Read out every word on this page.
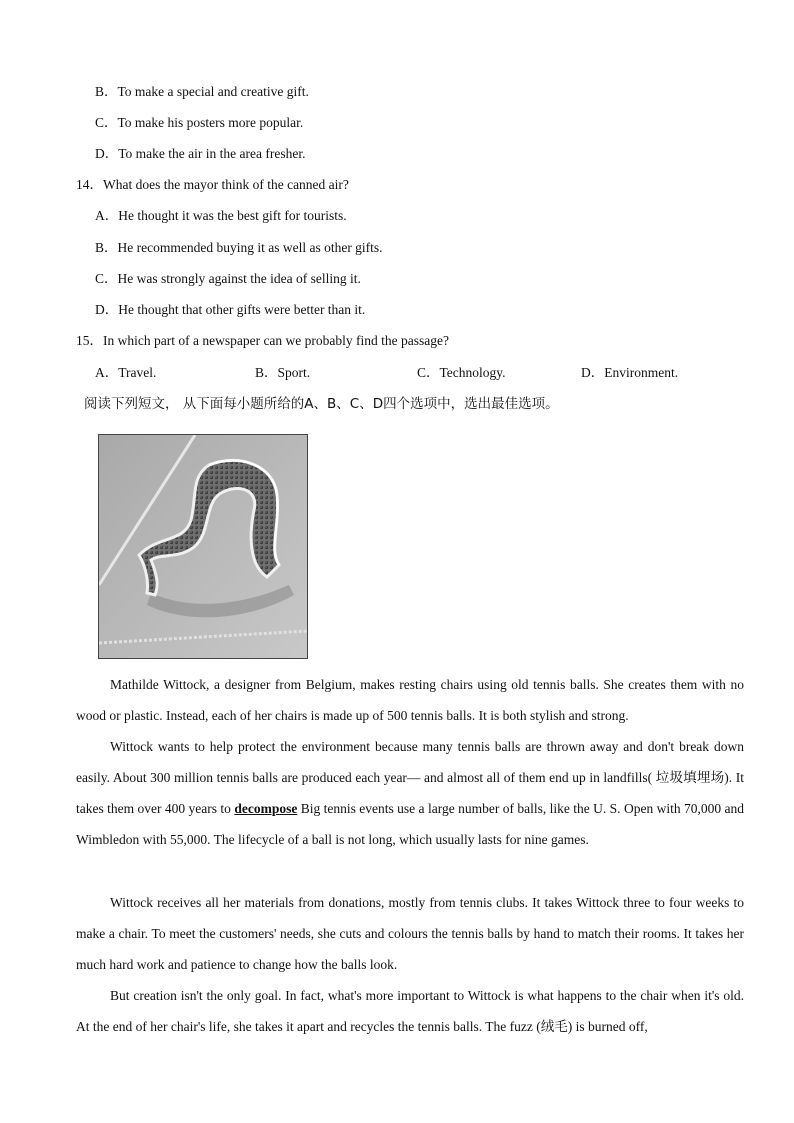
B．To make a special and creative gift.
C．To make his posters more popular.
D．To make the air in the area fresher.
14．What does the mayor think of the canned air?
A．He thought it was the best gift for tourists.
B．He recommended buying it as well as other gifts.
C．He was strongly against the idea of selling it.
D．He thought that other gifts were better than it.
15．In which part of a newspaper can we probably find the passage?
A．Travel.	B．Sport.	C．Technology.	D．Environment.
阅读下列短文， 从下面每小题所给的A、B、C、D四个选项中，选出最佳选项。
Mathilde Wittock, a designer from Belgium, makes resting chairs using old tennis balls. She creates them with no wood or plastic. Instead, each of her chairs is made up of 500 tennis balls. It is both stylish and strong.
Wittock wants to help protect the environment because many tennis balls are thrown away and don't break down easily. About 300 million tennis balls are produced each year— and almost all of them end up in landfills( 垃圾填埋场). It takes them over 400 years to decompose Big tennis events use a large number of balls, like the U. S. Open with 70,000 and Wimbledon with 55,000. The lifecycle of a ball is not long, which usually lasts for nine games.
Wittock receives all her materials from donations, mostly from tennis clubs. It takes Wittock three to four weeks to make a chair. To meet the customers' needs, she cuts and colours the tennis balls by hand to match their rooms. It takes her much hard work and patience to change how the balls look.
But creation isn't the only goal. In fact, what's more important to Wittock is what happens to the chair when it's old. At the end of her chair's life, she takes it apart and recycles the tennis balls. The fuzz (绒毛) is burned off,
